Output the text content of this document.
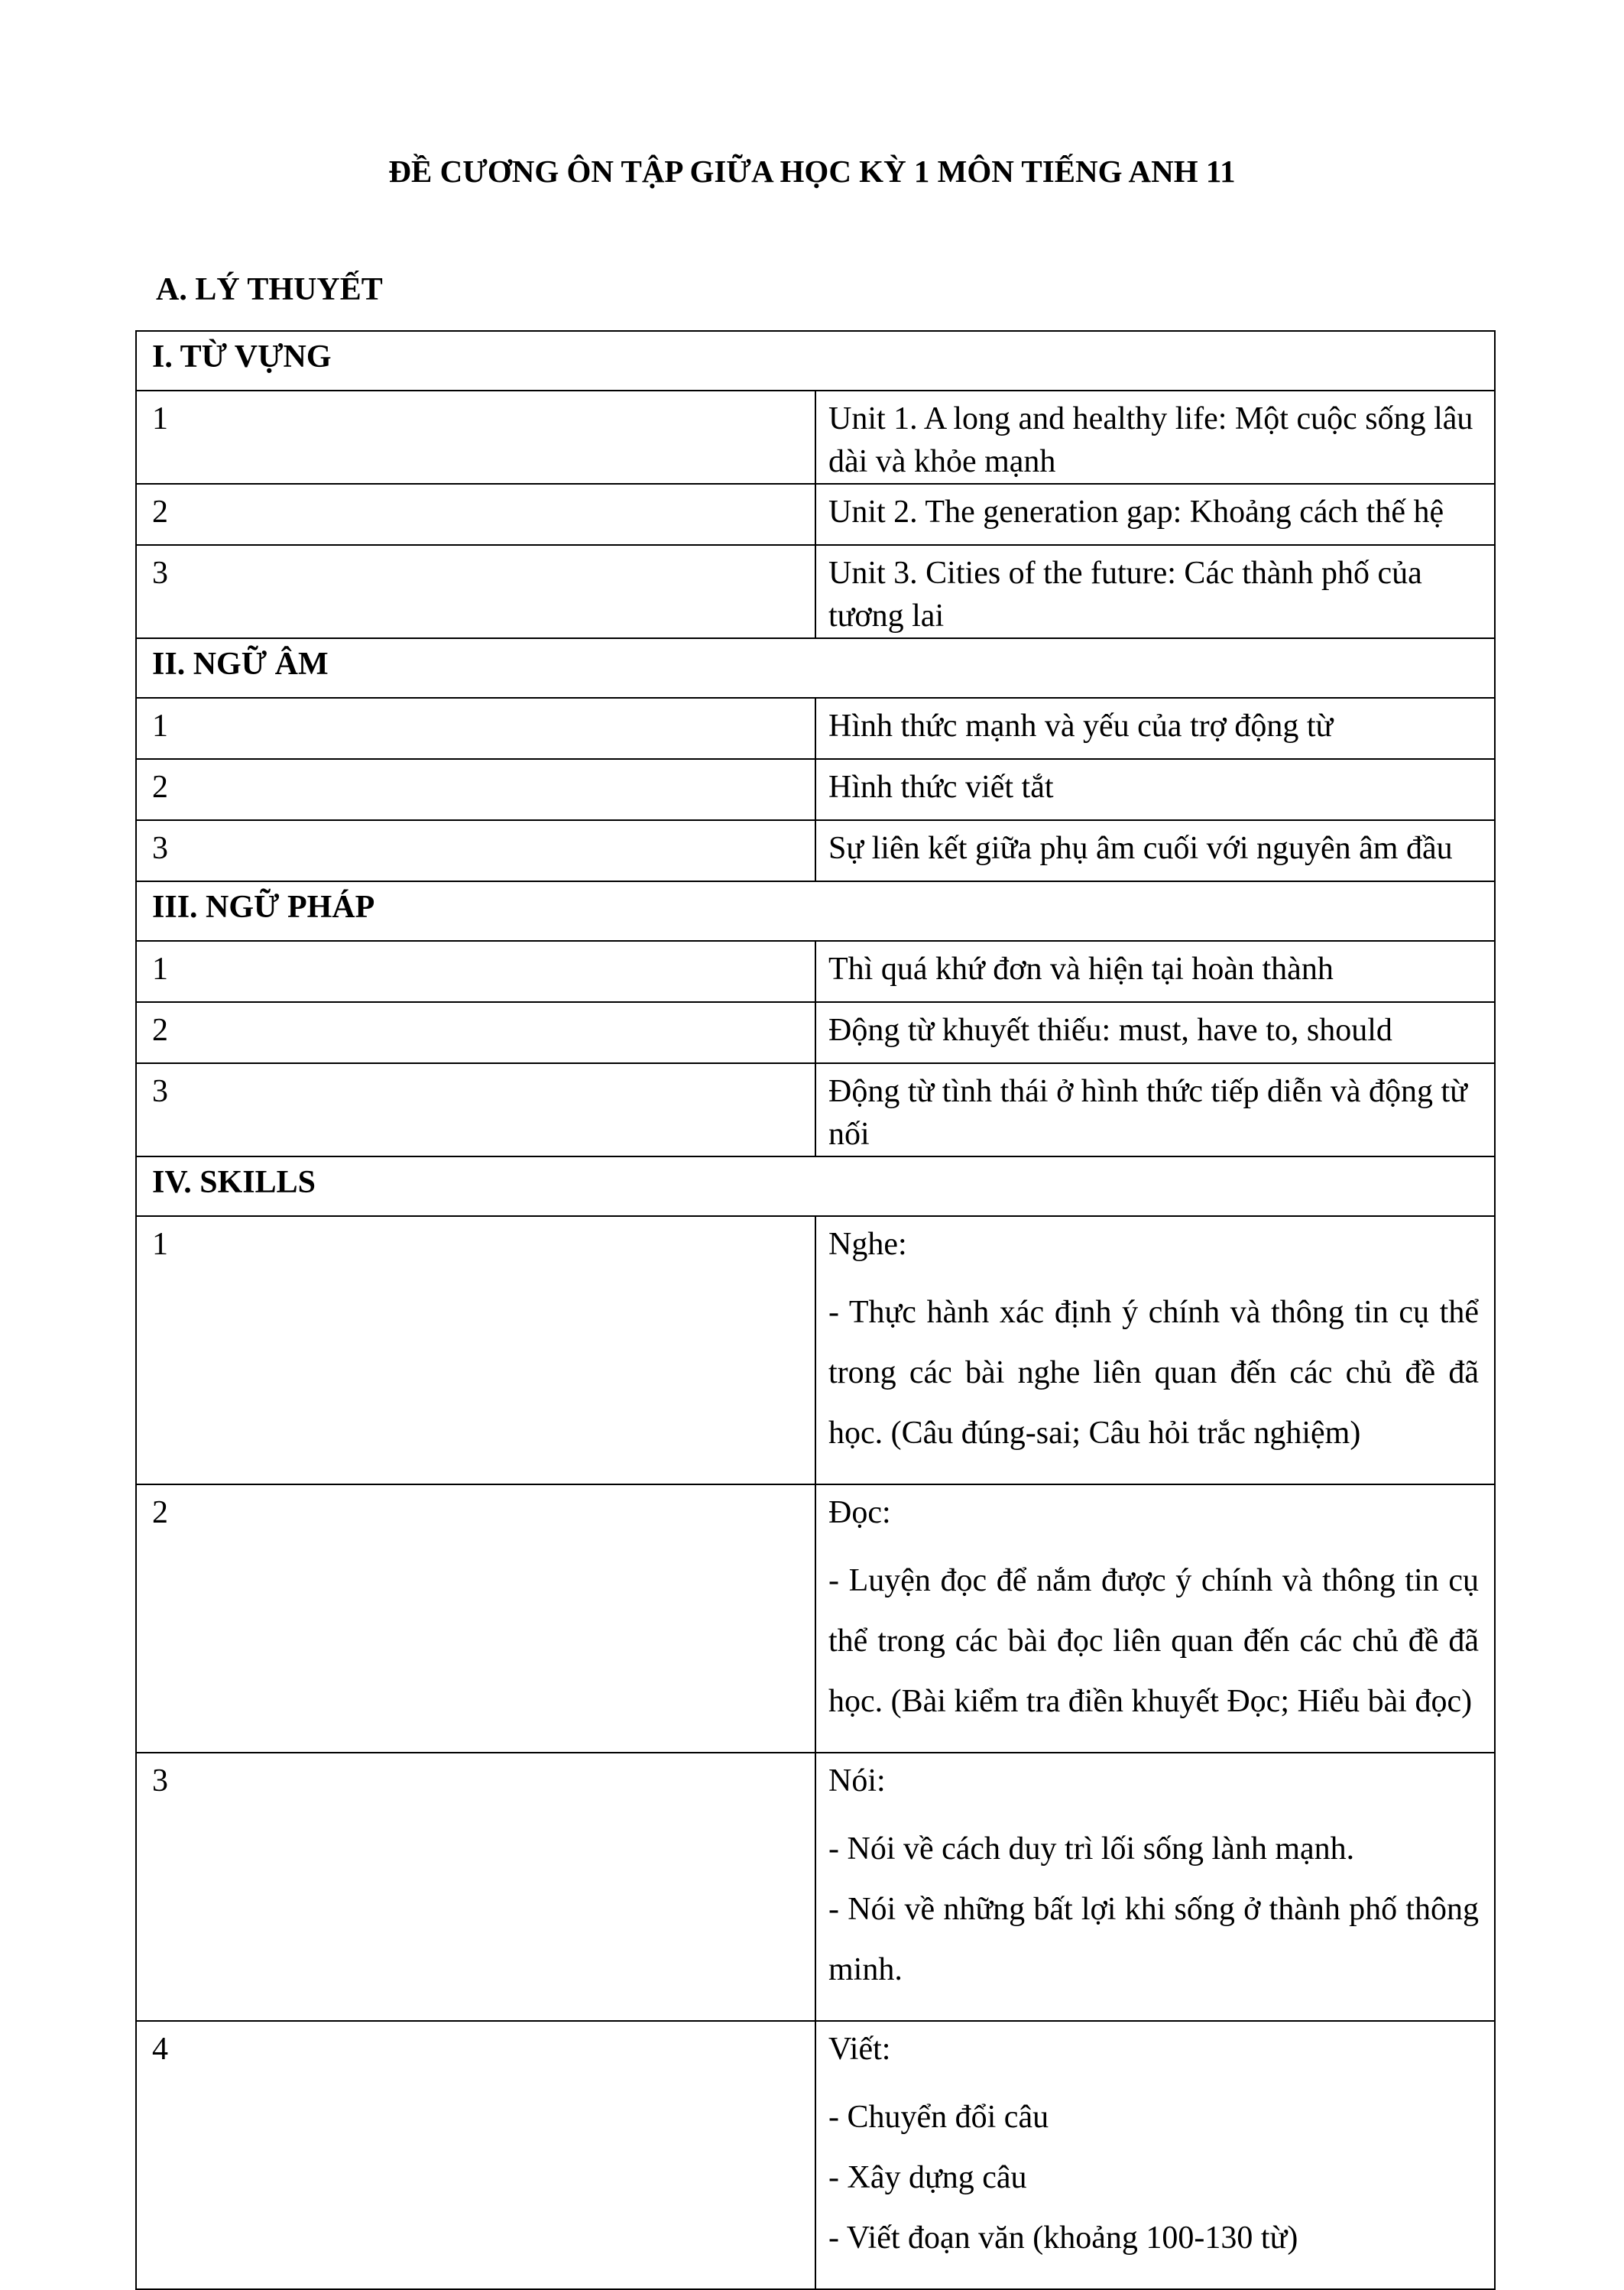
ĐỀ CƯƠNG ÔN TẬP GIỮA HỌC KỲ 1 MÔN TIẾNG ANH 11
A. LÝ THUYẾT
I. TỪ VỰNG	
1	Unit 1. A long and healthy life: Một cuộc sống lâu dài và khỏe mạnh
2	Unit 2. The generation gap: Khoảng cách thế hệ
3	Unit 3. Cities of the future: Các thành phố của tương lai
II. NGỮ ÂM	
1	Hình thức mạnh và yếu của trợ động từ
2	Hình thức viết tắt
3	Sự liên kết giữa phụ âm cuối với nguyên âm đầu
III. NGỮ PHÁP	
1	Thì quá khứ đơn và hiện tại hoàn thành
2	Động từ khuyết thiếu: must, have to, should
3	Động từ tình thái ở hình thức tiếp diễn và động từ nối
IV. SKILLS	
1	Nghe:
- Thực hành xác định ý chính và thông tin cụ thể trong các bài nghe liên quan đến các chủ đề đã học. (Câu đúng-sai; Câu hỏi trắc nghiệm)

2	Đọc:
- Luyện đọc để nắm được ý chính và thông tin cụ thể trong các bài đọc liên quan đến các chủ đề đã học. (Bài kiểm tra điền khuyết Đọc; Hiểu bài đọc)

3	Nói:
- Nói về cách duy trì lối sống lành mạnh.
- Nói về những bất lợi khi sống ở thành phố thông minh.

4	Viết:
- Chuyển đổi câu
- Xây dựng câu
- Viết đoạn văn (khoảng 100-130 từ)
